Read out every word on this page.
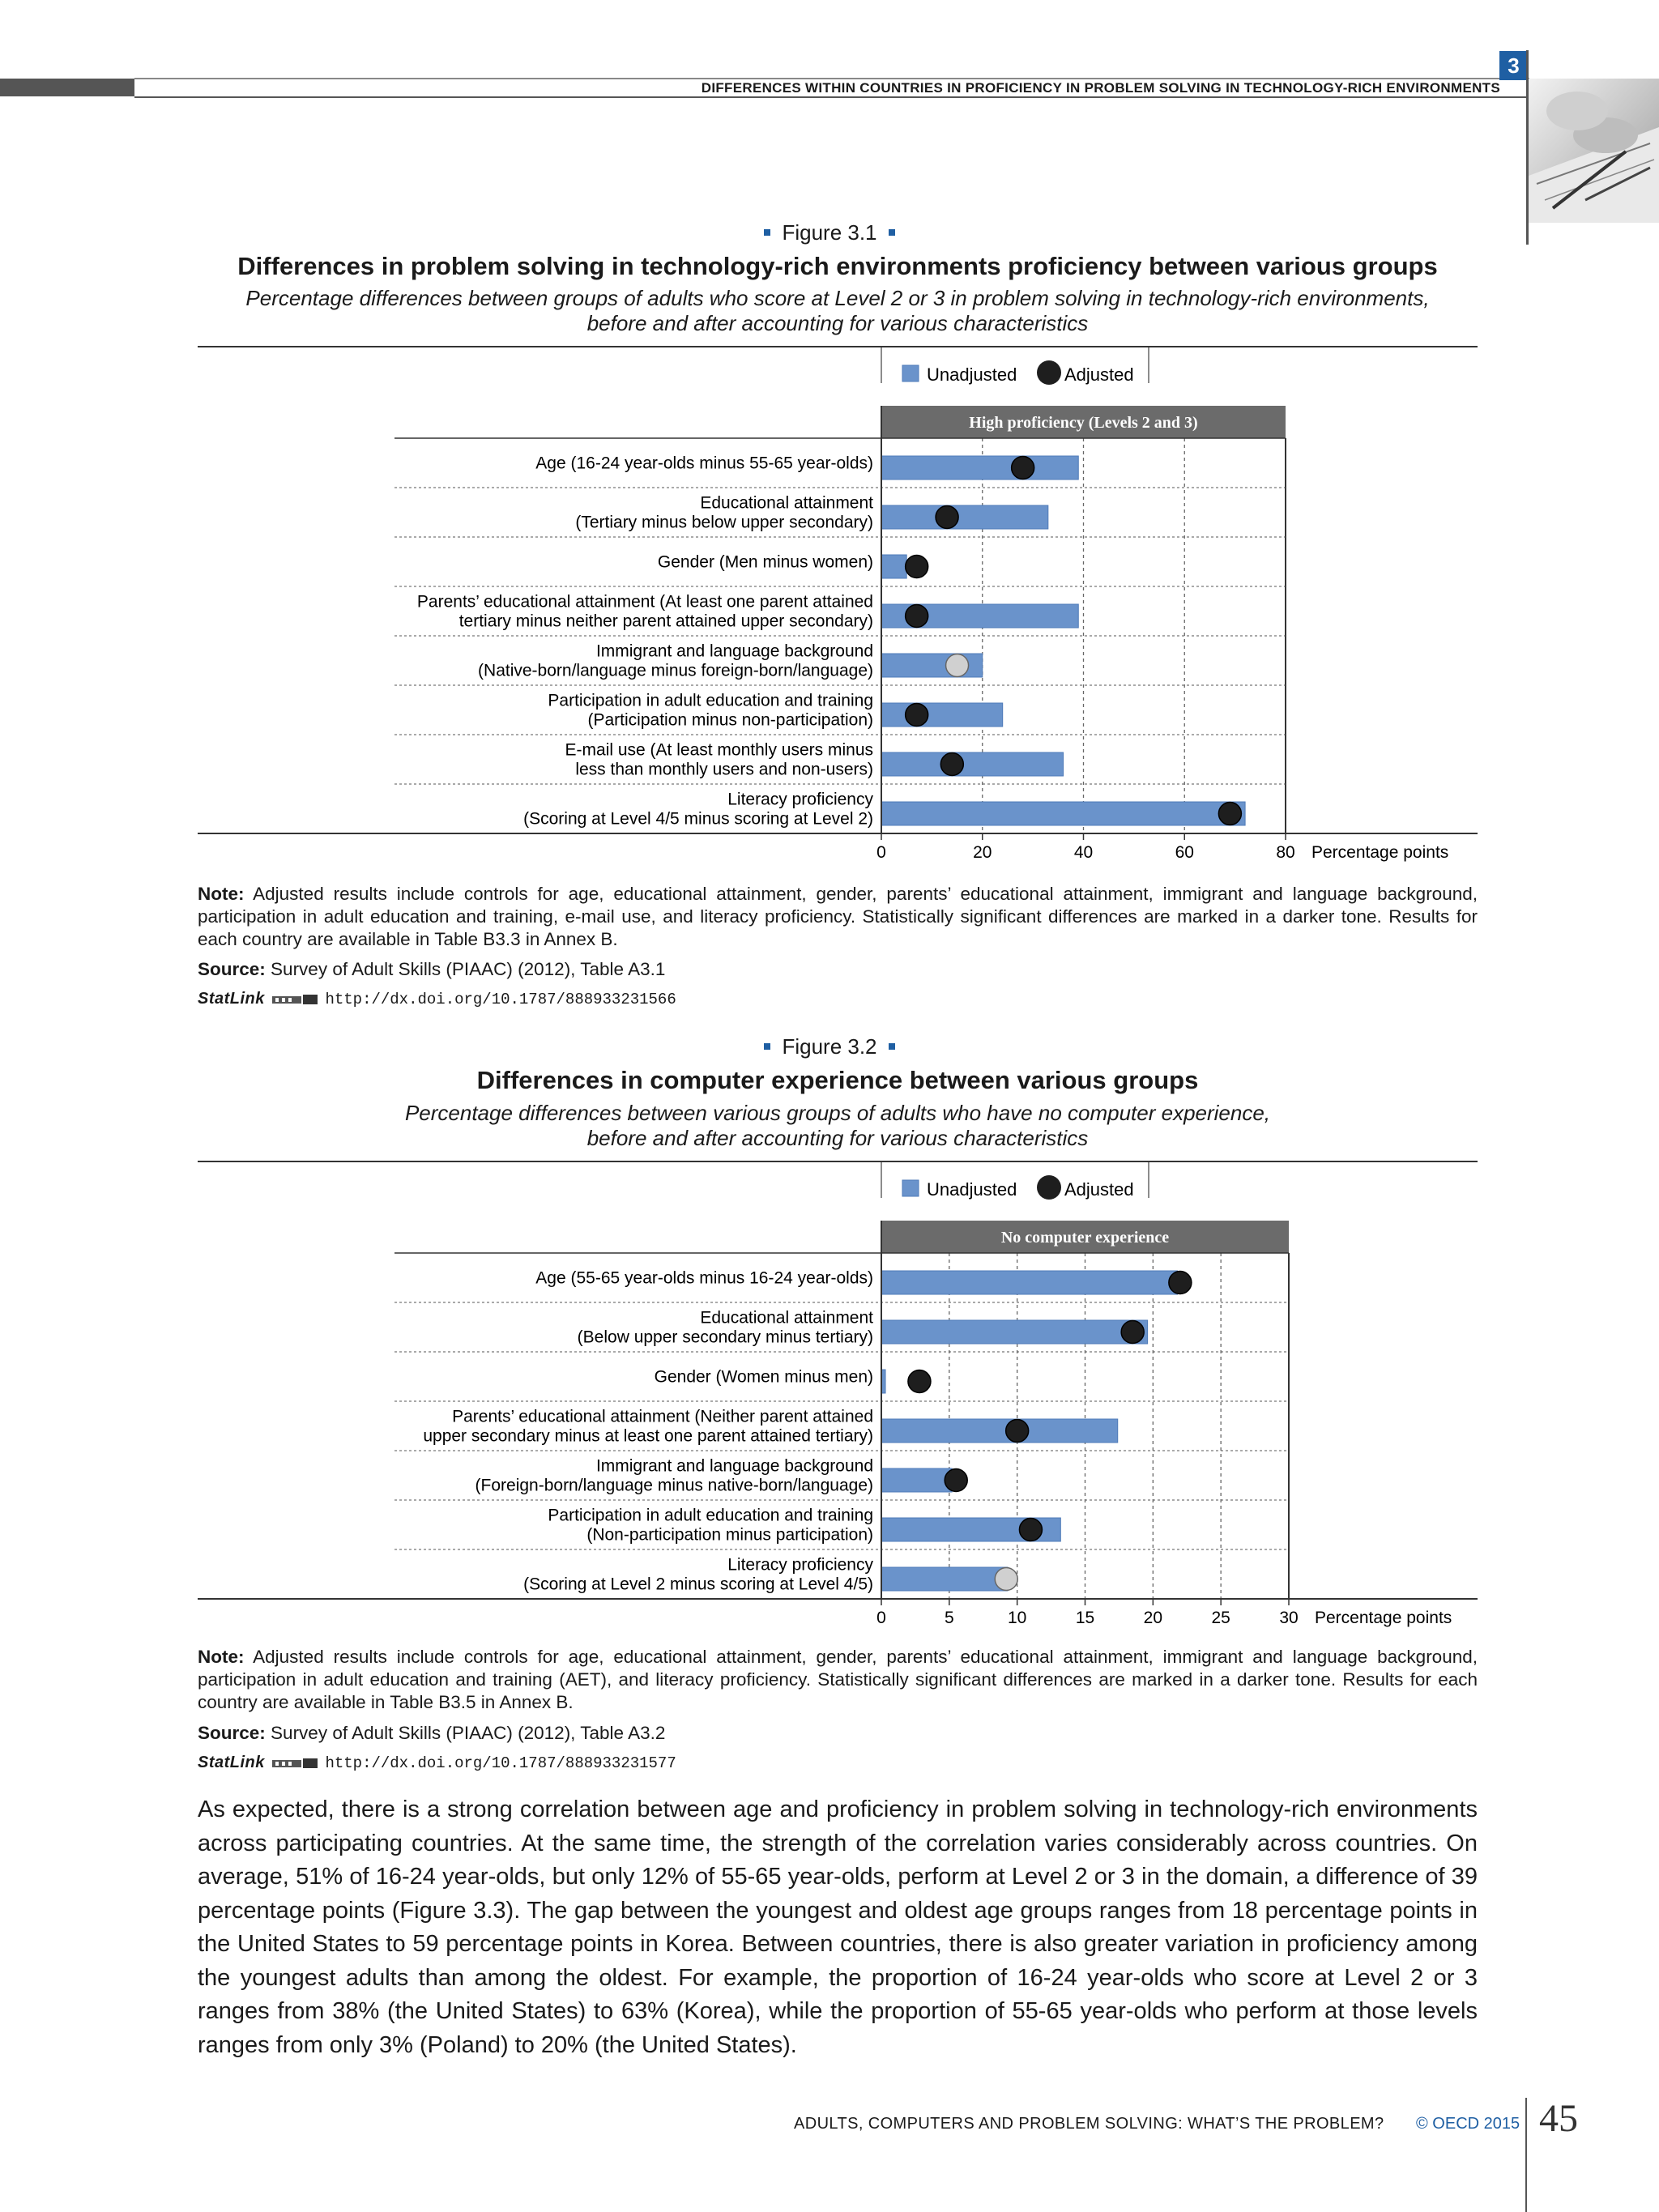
DIFFERENCES WITHIN COUNTRIES IN PROFICIENCY IN PROBLEM SOLVING IN TECHNOLOGY-RICH ENVIRONMENTS
3
Figure 3.1
Differences in problem solving in technology-rich environments proficiency between various groups
Percentage differences between groups of adults who score at Level 2 or 3 in problem solving in technology-rich environments,
before and after accounting for various characteristics
Unadjusted	Adjusted
High proficiency (Levels 2 and 3)
Age (16-24 year-olds minus 55-65 year-olds)
Educational attainment (Tertiary minus below upper secondary)
Gender (Men minus women)
Parents’ educational attainment (At least one parent attained tertiary minus neither parent attained upper secondary)
Immigrant and language background (Native-born/language minus foreign-born/language)
Participation in adult education and training (Participation minus non-participation)
E-mail use (At least monthly users minus less than monthly users and non-users)
Literacy proficiency (Scoring at Level 4/5 minus scoring at Level 2)
0	20	40	60	80 Percentage points
Note: Adjusted results include controls for age, educational attainment, gender, parents’ educational attainment, immigrant and language background, participation in adult education and training, e-mail use, and literacy proficiency. Statistically significant differences are marked in a darker tone. Results for each country are available in Table B3.3 in Annex B.
Source: Survey of Adult Skills (PIAAC) (2012), Table A3.1
StatLink	http://dx.doi.org/10.1787/888933231566
Figure 3.2
Differences in computer experience between various groups
Percentage differences between various groups of adults who have no computer experience,
before and after accounting for various characteristics
Unadjusted	Adjusted
No computer experience
Age (55-65 year-olds minus 16-24 year-olds)
Educational attainment (Below upper secondary minus tertiary)
Gender (Women minus men)
Parents’ educational attainment (Neither parent attained upper secondary minus at least one parent attained tertiary)
Immigrant and language background (Foreign-born/language minus native-born/language)
Participation in adult education and training (Non-participation minus participation)
Literacy proficiency (Scoring at Level 2 minus scoring at Level 4/5)
0	5	10	15	20	25	30 Percentage points
Note: Adjusted results include controls for age, educational attainment, gender, parents’ educational attainment, immigrant and language background, participation in adult education and training (AET), and literacy proficiency. Statistically significant differences are marked in a darker tone. Results for each country are available in Table B3.5 in Annex B.
Source: Survey of Adult Skills (PIAAC) (2012), Table A3.2
StatLink	http://dx.doi.org/10.1787/888933231577
As expected, there is a strong correlation between age and proficiency in problem solving in technology-rich environments across participating countries. At the same time, the strength of the correlation varies considerably across countries. On average, 51% of 16-24 year-olds, but only 12% of 55-65 year-olds, perform at Level 2 or 3 in the domain, a difference of 39 percentage points (Figure 3.3). The gap between the youngest and oldest age groups ranges from 18 percentage points in the United States to 59 percentage points in Korea. Between countries, there is also greater variation in proficiency among the youngest adults than among the oldest. For example, the proportion of 16-24 year-olds who score at Level 2 or 3 ranges from 38% (the United States) to 63% (Korea), while the proportion of 55-65 year-olds who perform at those levels ranges from only 3% (Poland) to 20% (the United States).
ADULTS, COMPUTERS AND PROBLEM SOLVING: WHAT’S THE PROBLEM? © OECD 2015 45
